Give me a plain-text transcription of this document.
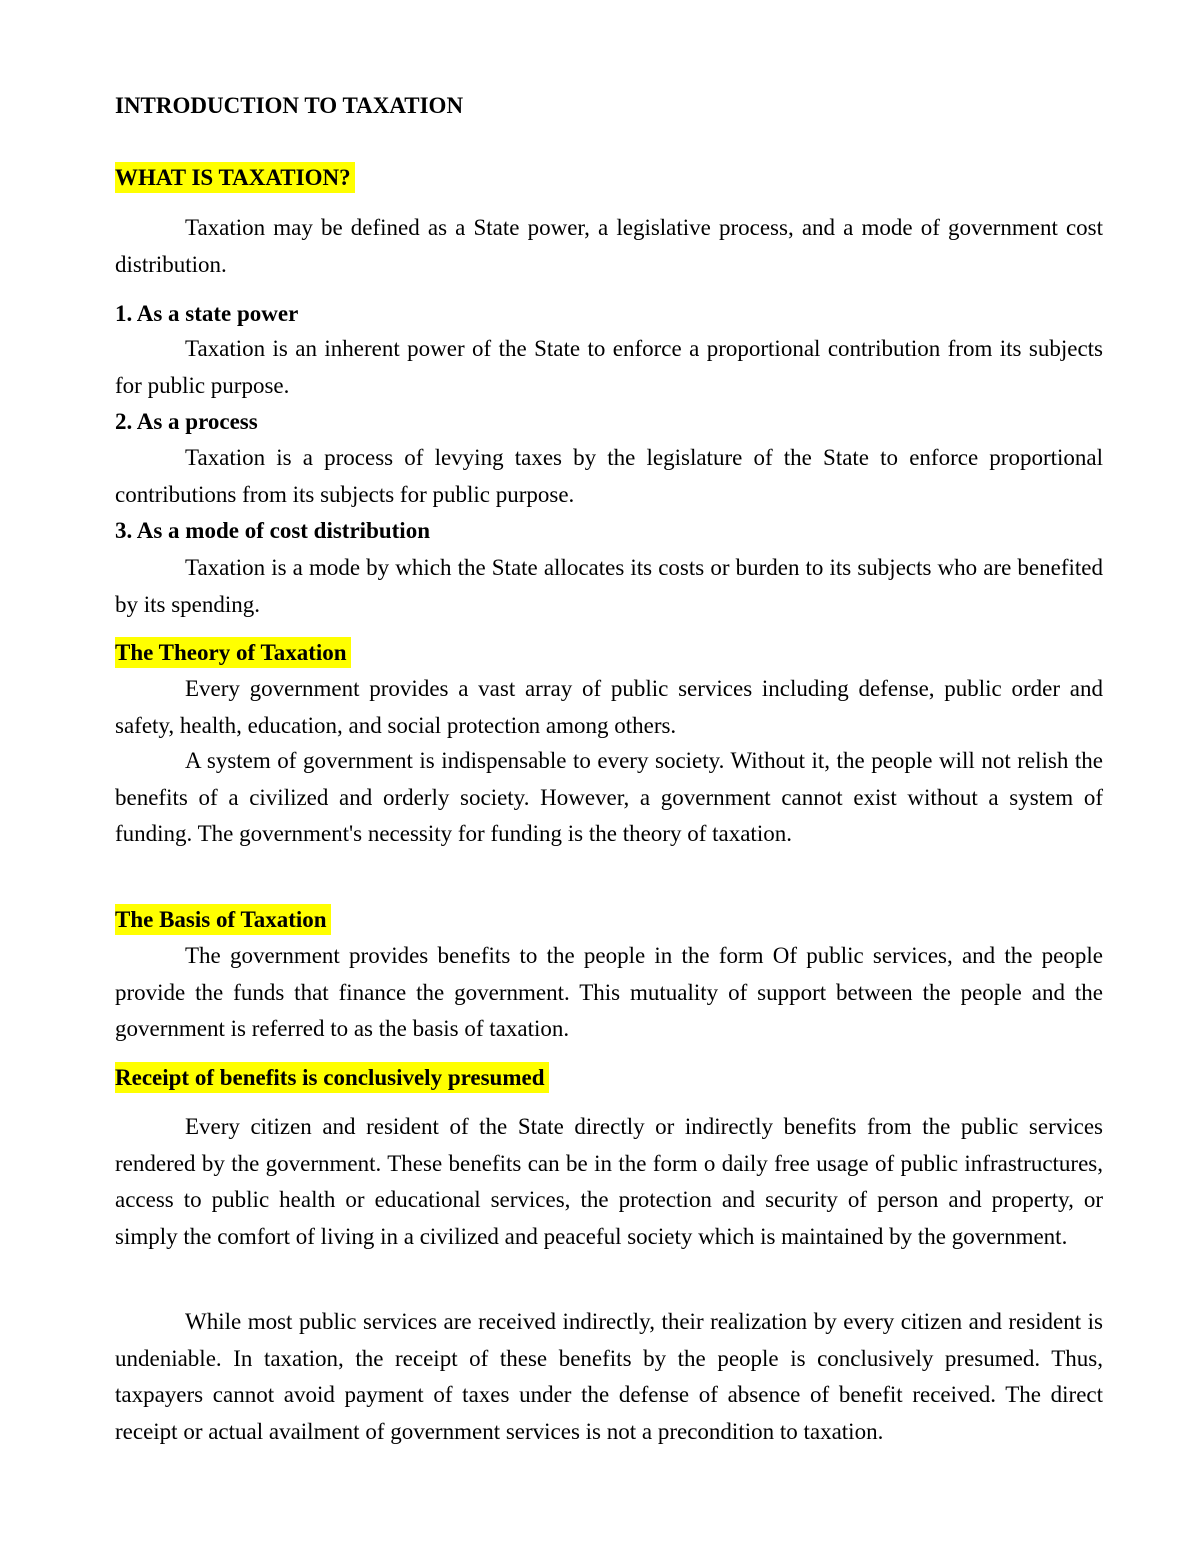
INTRODUCTION TO TAXATION

WHAT IS TAXATION?

Taxation may be defined as a State power, a legislative process, and a mode of government cost distribution.

1. As a state power

Taxation is an inherent power of the State to enforce a proportional contribution from its subjects for public purpose.

2. As a process

Taxation is a process of levying taxes by the legislature of the State to enforce proportional contributions from its subjects for public purpose.

3. As a mode of cost distribution

Taxation is a mode by which the State allocates its costs or burden to its subjects who are benefited by its spending.

The Theory of Taxation

Every government provides a vast array of public services including defense, public order and safety, health, education, and social protection among others.

A system of government is indispensable to every society. Without it, the people will not relish the benefits of a civilized and orderly society. However, a government cannot exist without a system of funding. The government's necessity for funding is the theory of taxation.

The Basis of Taxation

The government provides benefits to the people in the form Of public services, and the people provide the funds that finance the government. This mutuality of support between the people and the government is referred to as the basis of taxation.

Receipt of benefits is conclusively presumed

Every citizen and resident of the State directly or indirectly benefits from the public services rendered by the government. These benefits can be in the form o daily free usage of public infrastructures, access to public health or educational services, the protection and security of person and property, or simply the comfort of living in a civilized and peaceful society which is maintained by the government.

While most public services are received indirectly, their realization by every citizen and resident is undeniable. In taxation, the receipt of these benefits by the people is conclusively presumed. Thus, taxpayers cannot avoid payment of taxes under the defense of absence of benefit received. The direct receipt or actual availment of government services is not a precondition to taxation.
